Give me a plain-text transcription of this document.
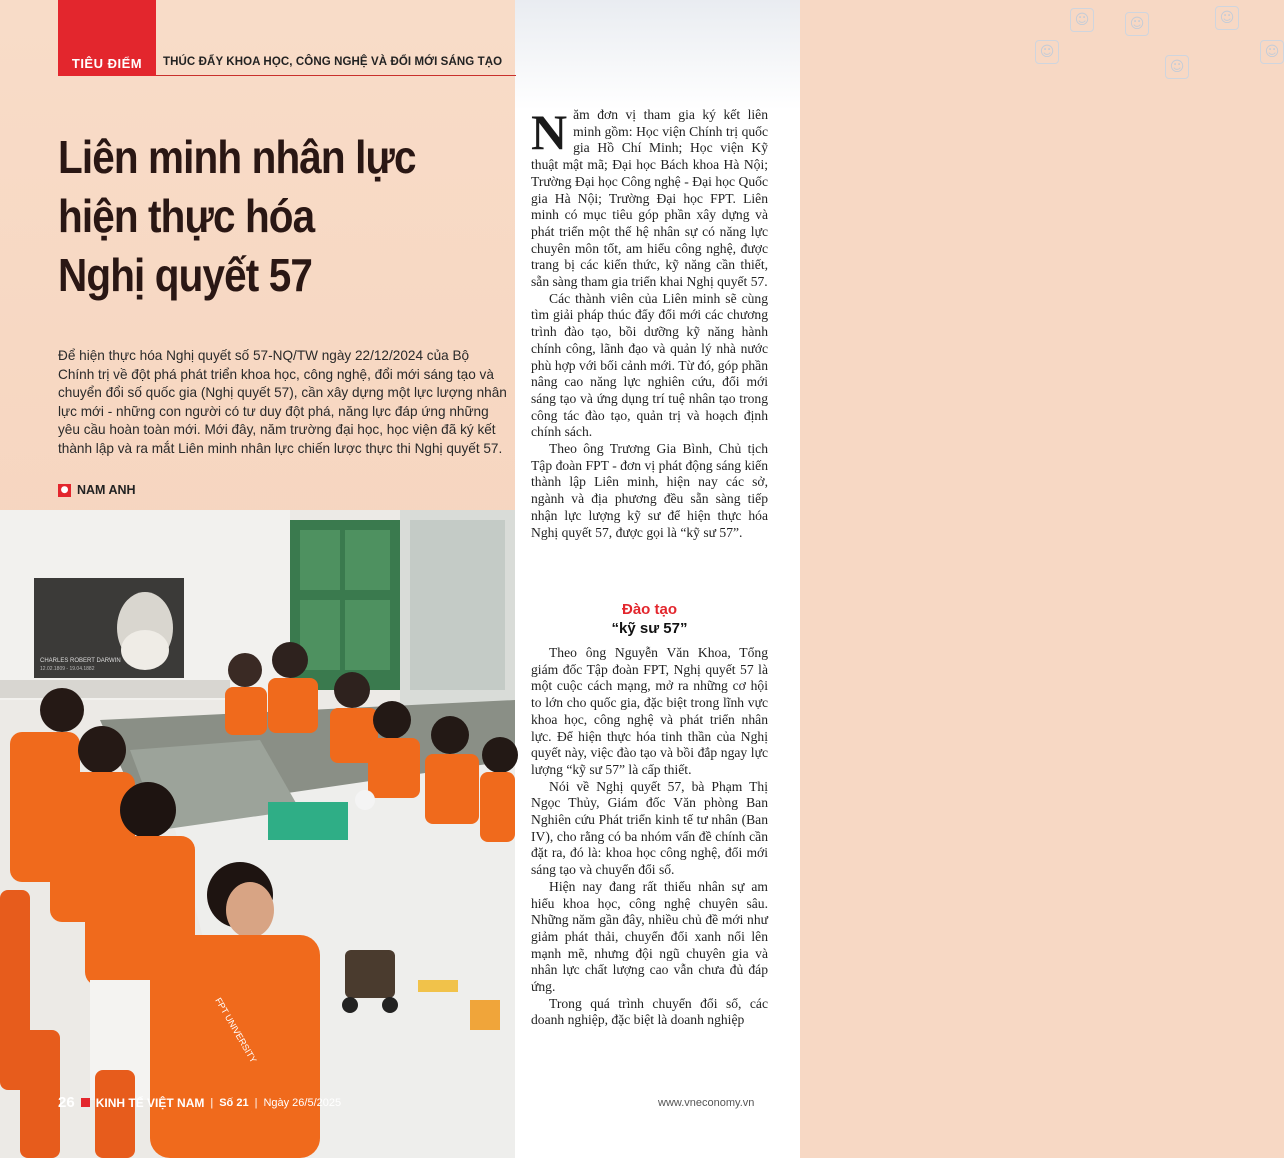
☺	☺	☺
☺
☺
☺
TIÊU ĐIỂM	THÚC ĐẨY KHOA HỌC, CÔNG NGHỆ VÀ ĐỔI MỚI SÁNG TẠO
Liên minh nhân lực
hiện thực hóa
Nghị quyết 57
Để hiện thực hóa Nghị quyết số 57-NQ/TW ngày 22/12/2024 của Bộ Chính trị về đột phá phát triển khoa học, công nghệ, đổi mới sáng tạo và chuyển đổi số quốc gia (Nghị quyết 57), cần xây dựng một lực lượng nhân lực mới - những con người có tư duy đột phá, năng lực đáp ứng những yêu cầu hoàn toàn mới. Mới đây, năm trường đại học, học viện đã ký kết thành lập và ra mắt Liên minh nhân lực chiến lược thực thi Nghị quyết 57.
● NAM ANH
CHARLES ROBERT DARWIN
12.02.1809 - 19.04.1882
FPT UNIVERSITY

Năm đơn vị tham gia ký kết liên minh gồm: Học viện Chính trị quốc gia Hồ Chí Minh; Học viện Kỹ thuật mật mã; Đại học Bách khoa Hà Nội; Trường Đại học Công nghệ - Đại học Quốc gia Hà Nội; Trường Đại học FPT. Liên minh có mục tiêu góp phần xây dựng và phát triển một thế hệ nhân sự có năng lực chuyên môn tốt, am hiểu công nghệ, được trang bị các kiến thức, kỹ năng cần thiết, sẵn sàng tham gia triển khai Nghị quyết 57.

Các thành viên của Liên minh sẽ cùng tìm giải pháp thúc đẩy đổi mới các chương trình đào tạo, bồi dưỡng kỹ năng hành chính công, lãnh đạo và quản lý nhà nước phù hợp với bối cảnh mới. Từ đó, góp phần nâng cao năng lực nghiên cứu, đổi mới sáng tạo và ứng dụng trí tuệ nhân tạo trong công tác đào tạo, quản trị và hoạch định chính sách.

Theo ông Trương Gia Bình, Chủ tịch Tập đoàn FPT - đơn vị phát động sáng kiến thành lập Liên minh, hiện nay các sở, ngành và địa phương đều sẵn sàng tiếp nhận lực lượng kỹ sư để hiện thực hóa Nghị quyết 57, được gọi là “kỹ sư 57”.

Đào tạo
“kỹ sư 57”

Theo ông Nguyễn Văn Khoa, Tổng giám đốc Tập đoàn FPT, Nghị quyết 57 là một cuộc cách mạng, mở ra những cơ hội to lớn cho quốc gia, đặc biệt trong lĩnh vực khoa học, công nghệ và phát triển nhân lực. Để hiện thực hóa tinh thần của Nghị quyết này, việc đào tạo và bồi đắp ngay lực lượng “kỹ sư 57” là cấp thiết.

Nói về Nghị quyết 57, bà Phạm Thị Ngọc Thủy, Giám đốc Văn phòng Ban Nghiên cứu Phát triển kinh tế tư nhân (Ban IV), cho rằng có ba nhóm vấn đề chính cần đặt ra, đó là: khoa học công nghệ, đổi mới sáng tạo và chuyển đổi số.

Hiện nay đang rất thiếu nhân sự am hiểu khoa học, công nghệ chuyên sâu. Những năm gần đây, nhiều chủ đề mới như giảm phát thải, chuyển đổi xanh nổi lên mạnh mẽ, nhưng đội ngũ chuyên gia và nhân lực chất lượng cao vẫn chưa đủ đáp ứng.

Trong quá trình chuyển đổi số, các doanh nghiệp, đặc biệt là doanh nghiệp

26 KINH TẾ VIỆT NAM | Số 21 | Ngày 26/5/2025	www.vneconomy.vn
